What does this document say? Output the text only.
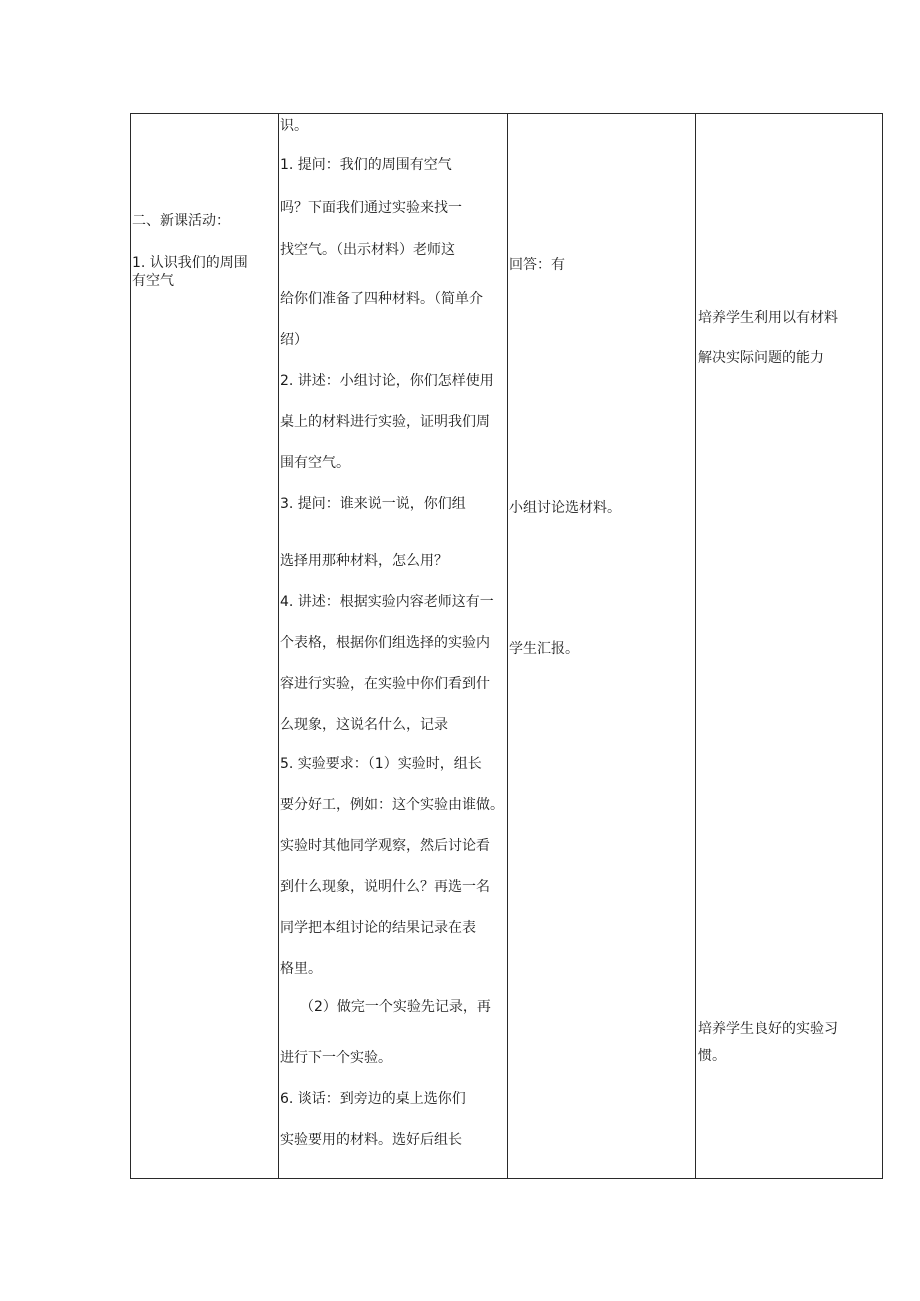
二、新课活动：
1. 认识我们的周围
有空气
识。
1. 提问：我们的周围有空气
吗？下面我们通过实验来找一
找空气。（出示材料）老师这
给你们准备了四种材料。（简单介
绍）
2. 讲述：小组讨论，你们怎样使用
桌上的材料进行实验，证明我们周
围有空气。
3. 提问：谁来说一说，你们组
选择用那种材料，怎么用？
4. 讲述：根据实验内容老师这有一
个表格，根据你们组选择的实验内
容进行实验，在实验中你们看到什
么现象，这说名什么，记录
5. 实验要求：（1）实验时，组长
要分好工，例如：这个实验由谁做。
实验时其他同学观察，然后讨论看
到什么现象，说明什么？再选一名
同学把本组讨论的结果记录在表
格里。
（2）做完一个实验先记录，再
进行下一个实验。
6. 谈话：到旁边的桌上选你们
实验要用的材料。选好后组长
回答：有
小组讨论选材料。
学生汇报。
培养学生利用以有材料
解决实际问题的能力
培养学生良好的实验习
惯。
